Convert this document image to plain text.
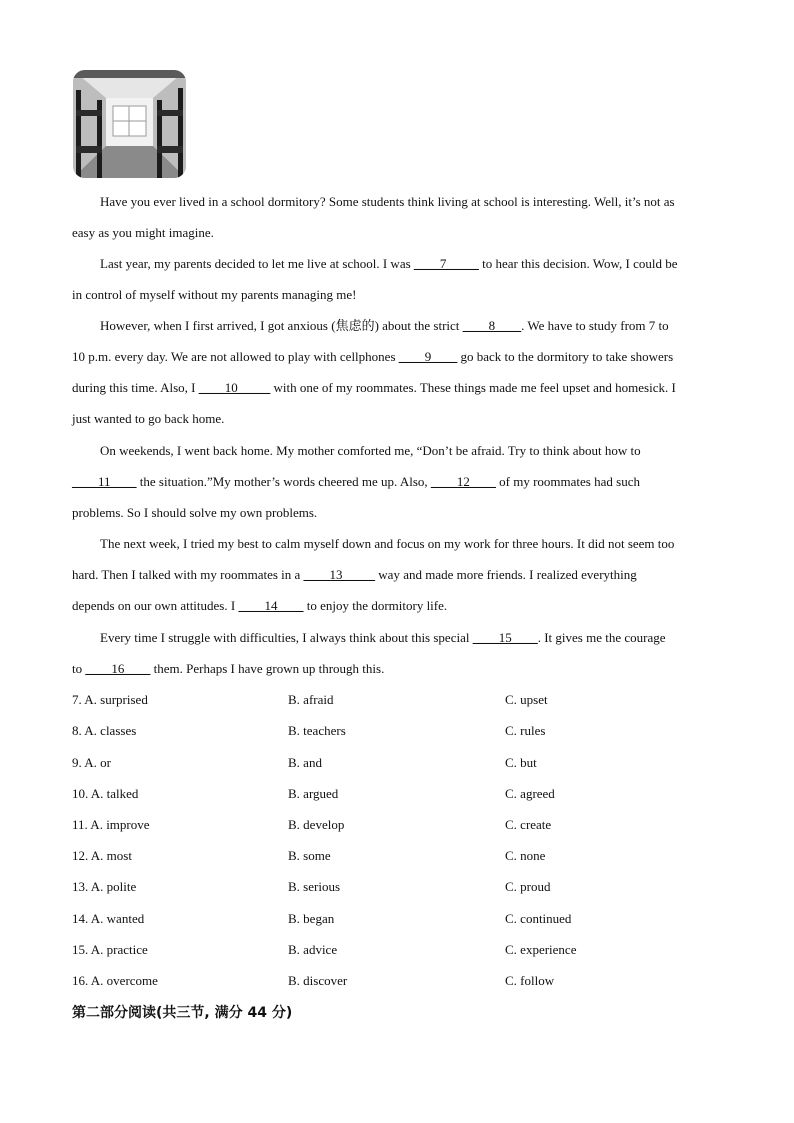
Have you ever lived in a school dormitory? Some students think living at school is interesting. Well, it’s not as
easy as you might imagine.
Last year, my parents decided to let me live at school. I was ____7_____ to hear this decision. Wow, I could be
in control of myself without my parents managing me!
However, when I first arrived, I got anxious (焦虑的) about the strict ____8____. We have to study from 7 to
10 p.m. every day. We are not allowed to play with cellphones ____9____ go back to the dormitory to take showers
during this time. Also, I ____10_____ with one of my roommates. These things made me feel upset and homesick. I
just wanted to go back home.
On weekends, I went back home. My mother comforted me, “Don’t be afraid. Try to think about how to
____11____ the situation.”My mother’s words cheered me up. Also, ____12____ of my roommates had such
problems. So I should solve my own problems.
The next week, I tried my best to calm myself down and focus on my work for three hours. It did not seem too
hard. Then I talked with my roommates in a ____13_____ way and made more friends. I realized everything
depends on our own attitudes. I ____14____ to enjoy the dormitory life.
Every time I struggle with difficulties, I always think about this special ____15____. It gives me the courage
to ____16____ them. Perhaps I have grown up through this.
7. A. surprised	B. afraid	C. upset
8. A. classes	B. teachers	C. rules
9. A. or	B. and	C. but
10. A. talked	B. argued	C. agreed
11. A. improve	B. develop	C. create
12. A. most	B. some	C. none
13. A. polite	B. serious	C. proud
14. A. wanted	B. began	C. continued
15. A. practice	B. advice	C. experience
16. A. overcome	B. discover	C. follow
第二部分阅读(共三节, 满分 44 分)
